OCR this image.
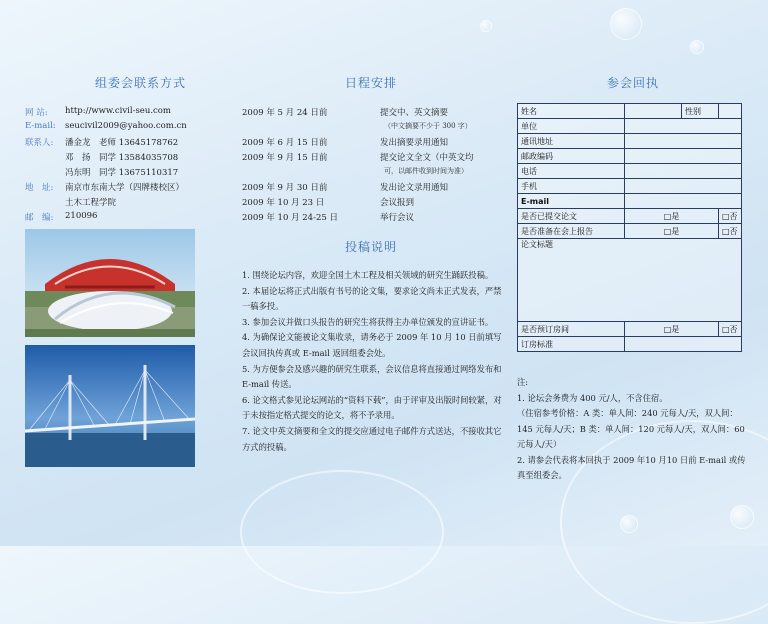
组委会联系方式	日程安排
投稿说明
参会回执
网 站: http://www.civil-seu.com
E-mail: seucivil2009@yahoo.com.cn
联系人: 潘金龙　老师 13645178762
邓　扬　同学 13584035708
冯东明　同学 13675110317
地　址: 南京市东南大学（四牌楼校区）
土木工程学院
邮　编: 210096
2009 年 5 月 24 日前	提交中、英文摘要
（中文摘要不少于 300 字）
2009 年 6 月 15 日前	发出摘要录用通知
2009 年 9 月 15 日前	提交论文全文（中英文均
可，以邮件收到时间为准）
2009 年 9 月 30 日前	发出论文录用通知
2009 年 10 月 23 日	会议报到
2009 年 10 月 24-25 日	举行会议

1. 围绕论坛内容，欢迎全国土木工程及相关领域的研究生踊跃投稿。

2. 本届论坛将正式出版有书号的论文集，要求论文尚未正式发表，严禁一稿多投。

3. 参加会议并做口头报告的研究生将获得主办单位颁发的宣讲证书。

4. 为确保论文能被论文集收录，请务必于 2009 年 10 月 10 日前填写会议回执传真或 E-mail 返回组委会处。

5. 为方便参会及感兴趣的研究生联系，会议信息将直接通过网络发布和 E-mail 传送。

6. 论文格式参见论坛网站的“资料下载”，由于评审及出版时间较紧，对于未按指定格式提交的论文，将不予录用。

7. 论文中英文摘要和全文的提交应通过电子邮件方式送达，不接收其它方式的投稿。

姓名		性别	
单位			
通讯地址			
邮政编码			
电话			
手机			
E-mail			
是否已提交论文	□是		□否
是否准备在会上报告	□是		□否
论文标题			
是否预订房间	□是		□否
订房标准			

注:

1. 论坛会务费为 400 元/人，不含住宿。

（住宿参考价格：A 类：单人间：240 元每人/天，双人间：145 元每人/天；B 类：单人间：120 元每人/天，双人间：60 元每人/天）

2. 请参会代表将本回执于 2009 年10 月10 日前 E-mail 或传真至组委会。
